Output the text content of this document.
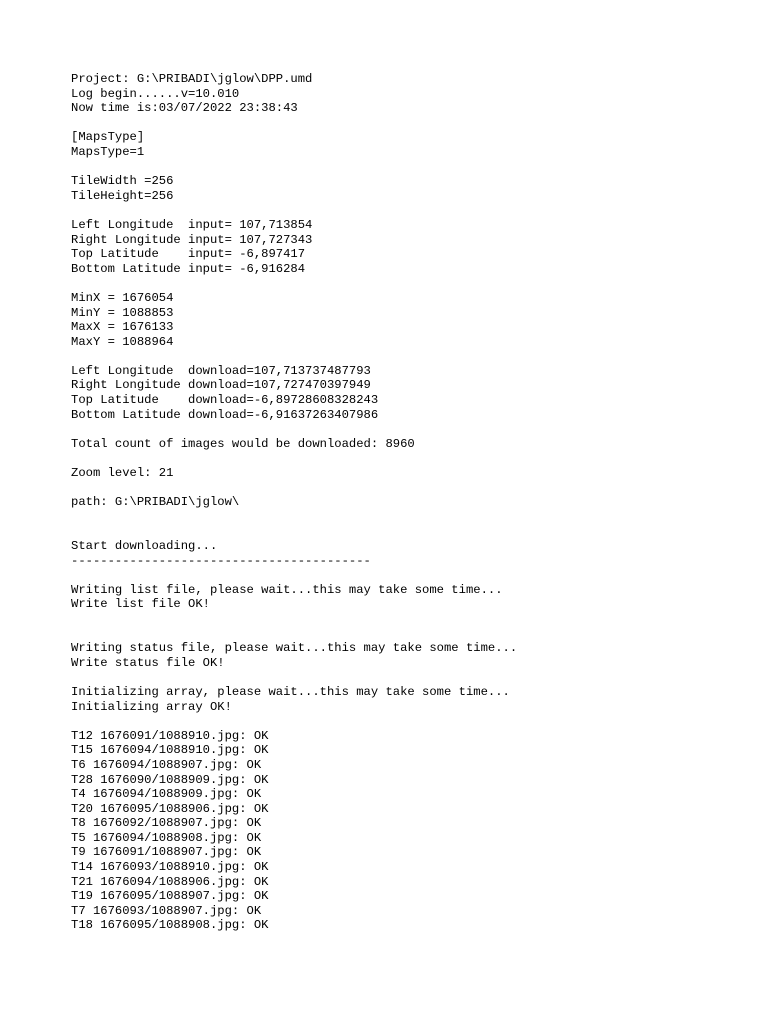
Project: G:\PRIBADI\jglow\DPP.umd
Log begin......v=10.010
Now time is:03/07/2022 23:38:43
[MapsType]
MapsType=1
TileWidth =256
TileHeight=256
Left Longitude  input= 107,713854
Right Longitude input= 107,727343
Top Latitude    input= -6,897417
Bottom Latitude input= -6,916284
MinX = 1676054
MinY = 1088853
MaxX = 1676133
MaxY = 1088964
Left Longitude  download=107,713737487793
Right Longitude download=107,727470397949
Top Latitude    download=-6,89728608328243
Bottom Latitude download=-6,91637263407986
Total count of images would be downloaded: 8960
Zoom level: 21
path: G:\PRIBADI\jglow\
Start downloading...
-----------------------------------------
Writing list file, please wait...this may take some time...
Write list file OK!
Writing status file, please wait...this may take some time...
Write status file OK!
Initializing array, please wait...this may take some time...
Initializing array OK!
T12 1676091/1088910.jpg: OK
T15 1676094/1088910.jpg: OK
T6 1676094/1088907.jpg: OK
T28 1676090/1088909.jpg: OK
T4 1676094/1088909.jpg: OK
T20 1676095/1088906.jpg: OK
T8 1676092/1088907.jpg: OK
T5 1676094/1088908.jpg: OK
T9 1676091/1088907.jpg: OK
T14 1676093/1088910.jpg: OK
T21 1676094/1088906.jpg: OK
T19 1676095/1088907.jpg: OK
T7 1676093/1088907.jpg: OK
T18 1676095/1088908.jpg: OK
